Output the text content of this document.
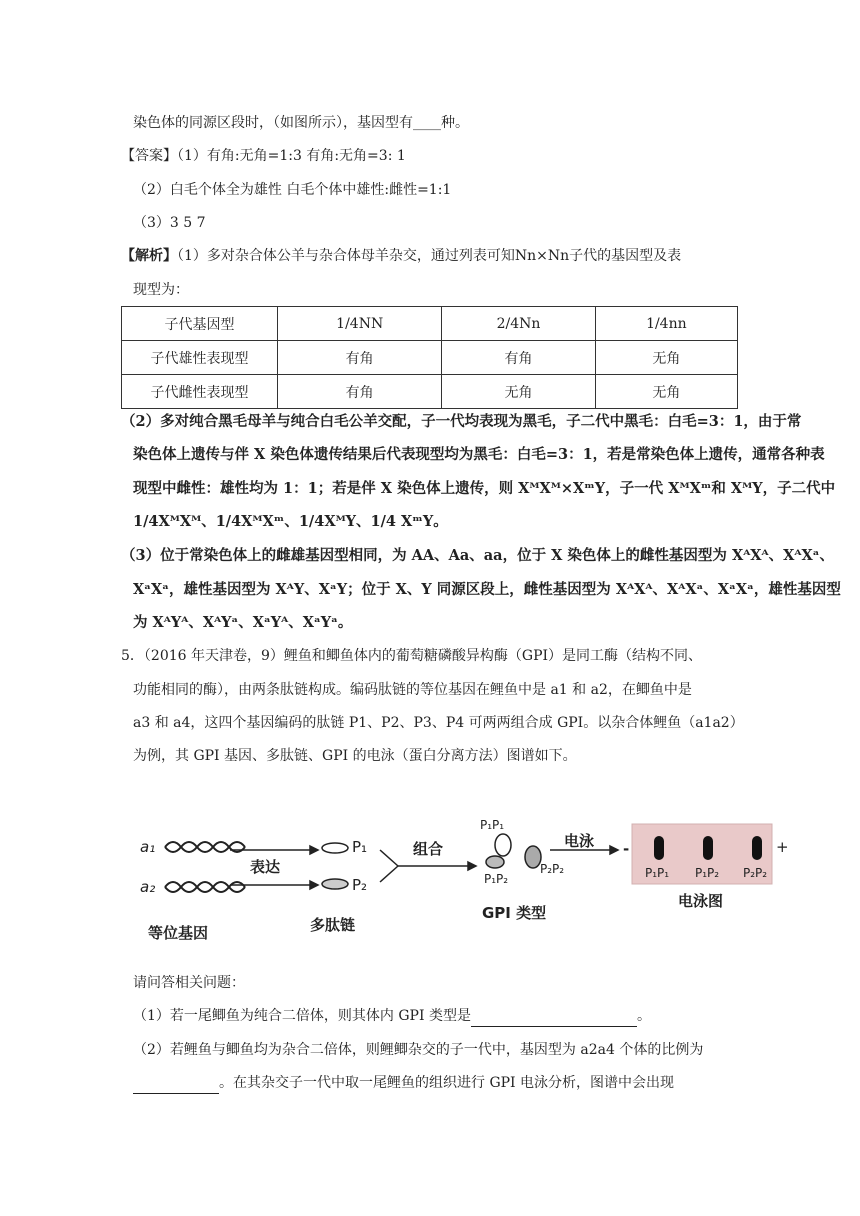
染色体的同源区段时，（如图所示），基因型有____种。
【答案】（1）有角:无角=1:3 有角:无角=3: 1
（2）白毛个体全为雄性 白毛个体中雄性:雌性=1:1
（3）3 5 7
【解析】（1）多对杂合体公羊与杂合体母羊杂交，通过列表可知Nn×Nn子代的基因型及表
现型为：
子代基因型	1/4NN	2/4Nn	1/4nn
子代雄性表现型	有角	有角	无角
子代雌性表现型	有角	无角	无角
（2）多对纯合黑毛母羊与纯合白毛公羊交配，子一代均表现为黑毛，子二代中黑毛：白毛=3：1，由于常
染色体上遗传与伴 X 染色体遗传结果后代表现型均为黑毛：白毛=3：1，若是常染色体上遗传，通常各种表
现型中雌性：雄性均为 1：1；若是伴 X 染色体上遗传，则 XᴹXᴹ×XᵐY，子一代 XᴹXᵐ和 XᴹY，子二代中
1/4XᴹXᴹ、1/4XᴹXᵐ、1/4XᴹY、1/4 XᵐY。
（3）位于常染色体上的雌雄基因型相同，为 AA、Aa、aa，位于 X 染色体上的雌性基因型为 XᴬXᴬ、XᴬXᵃ、
XᵃXᵃ，雄性基因型为 XᴬY、XᵃY；位于 X、Y 同源区段上，雌性基因型为 XᴬXᴬ、XᴬXᵃ、XᵃXᵃ，雄性基因型
为 XᴬYᴬ、XᴬYᵃ、XᵃYᴬ、XᵃYᵃ。
5．（2016 年天津卷，9）鲤鱼和鲫鱼体内的葡萄糖磷酸异构酶（GPI）是同工酶（结构不同、
功能相同的酶），由两条肽链构成。编码肽链的等位基因在鲤鱼中是 a1 和 a2，在鲫鱼中是
a3 和 a4，这四个基因编码的肽链 P1、P2、P3、P4 可两两组合成 GPI。以杂合体鲤鱼（a1a2）
为例，其 GPI 基因、多肽链、GPI 的电泳（蛋白分离方法）图谱如下。
a₁
a₂
表达
P₁
P₂
组合
P₁P₁
P₁P₂
P₂P₂
电泳 -	+
P₁P₁ P₁P₂ P₂P₂
等位基因	多肽链
GPI 类型
电泳图
请问答相关问题：
（1）若一尾鲫鱼为纯合二倍体，则其体内 GPI 类型是	。
（2）若鲤鱼与鲫鱼均为杂合二倍体，则鲤鲫杂交的子一代中，基因型为 a2a4 个体的比例为
。在其杂交子一代中取一尾鲤鱼的组织进行 GPI 电泳分析，图谱中会出现
